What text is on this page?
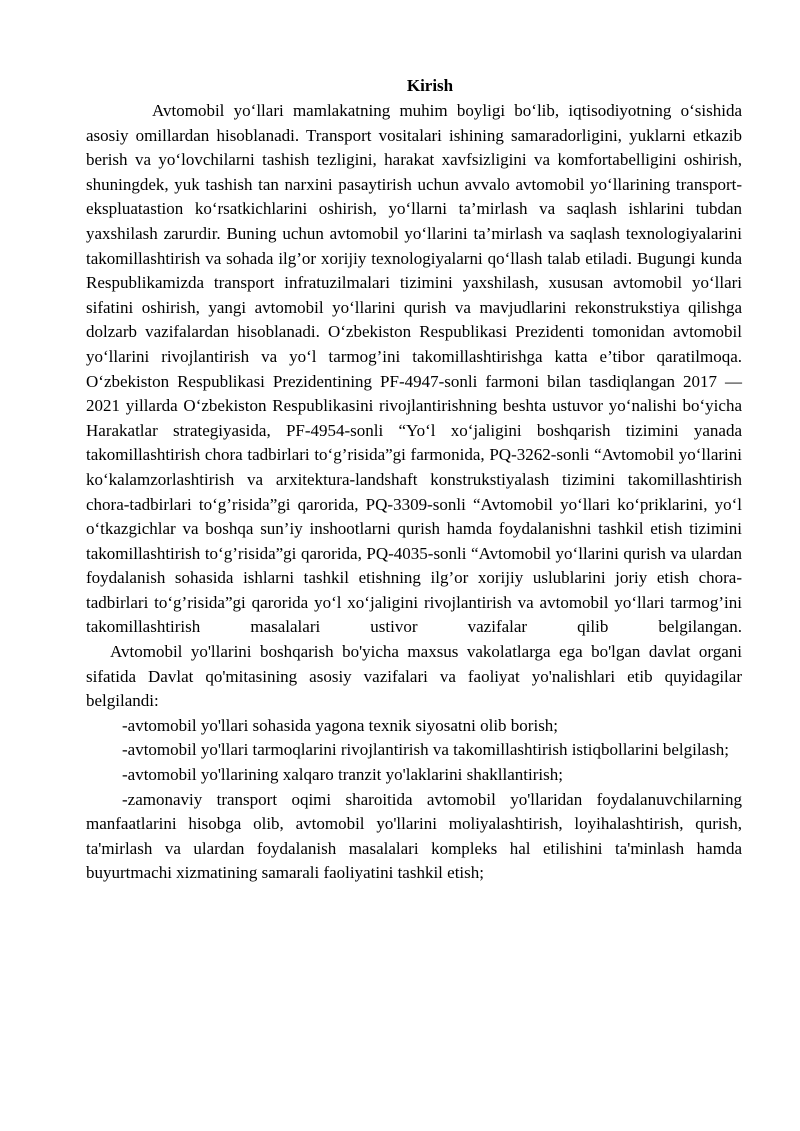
Kirish

Avtomobil yo‘llari mamlakatning muhim boyligi bo‘lib, iqtisodiyotning o‘sishida asosiy omillardan hisoblanadi. Transport vositalari ishining samaradorligini, yuklarni etkazib berish va yo‘lovchilarni tashish tezligini, harakat xavfsizligini va komfortabelligini oshirish, shuningdek, yuk tashish tan narxini pasaytirish uchun avvalo avtomobil yo‘llarining transport-ekspluatastion ko‘rsatkichlarini oshirish, yo‘llarni ta’mirlash va saqlash ishlarini tubdan yaxshilash zarurdir. Buning uchun avtomobil yo‘llarini ta’mirlash va saqlash texnologiyalarini takomillashtirish va sohada ilg’or xorijiy texnologiyalarni qo‘llash talab etiladi. Bugungi kunda Respublikamizda transport infratuzilmalari tizimini yaxshilash, xususan avtomobil yo‘llari sifatini oshirish, yangi avtomobil yo‘llarini qurish va mavjudlarini rekonstrukstiya qilishga dolzarb vazifalardan hisoblanadi. O‘zbekiston Respublikasi Prezidenti tomonidan avtomobil yo‘llarini rivojlantirish va yo‘l tarmog’ini takomillashtirishga katta e’tibor qaratilmoqa. O‘zbekiston Respublikasi Prezidentining PF-4947-sonli farmoni bilan tasdiqlangan 2017 — 2021 yillarda O‘zbekiston Respublikasini rivojlantirishning beshta ustuvor yo‘nalishi bo‘yicha Harakatlar strategiyasida, PF-4954-sonli “Yo‘l xo‘jaligini boshqarish tizimini yanada takomillashtirish chora tadbirlari to‘g’risida”gi farmonida, PQ-3262-sonli “Avtomobil yo‘llarini ko‘kalamzorlashtirish va arxitektura-landshaft konstrukstiyalash tizimini takomillashtirish chora-tadbirlari to‘g’risida”gi qarorida, PQ-3309-sonli “Avtomobil yo‘llari ko‘priklarini, yo‘l o‘tkazgichlar va boshqa sun’iy inshootlarni qurish hamda foydalanishni tashkil etish tizimini takomillashtirish to‘g’risida”gi qarorida, PQ-4035-sonli “Avtomobil yo‘llarini qurish va ulardan foydalanish sohasida ishlarni tashkil etishning ilg’or xorijiy uslublarini joriy etish chora-tadbirlari to‘g’risida”gi qarorida yo‘l xo‘jaligini rivojlantirish va avtomobil yo‘llari tarmog’ini takomillashtirish masalalari ustivor vazifalar qilib belgilangan.

Avtomobil yo'llarini boshqarish bo'yicha maxsus vakolatlarga ega bo'lgan davlat organi sifatida Davlat qo'mitasining asosiy vazifalari va faoliyat yo'nalishlari etib quyidagilar belgilandi:

-avtomobil yo'llari sohasida yagona texnik siyosatni olib borish;

-avtomobil yo'llari tarmoqlarini rivojlantirish va takomillashtirish istiqbollarini belgilash;

-avtomobil yo'llarining xalqaro tranzit yo'laklarini shakllantirish;

-zamonaviy transport oqimi sharoitida avtomobil yo'llaridan foydalanuvchilarning manfaatlarini hisobga olib, avtomobil yo'llarini moliyalashtirish, loyihalashtirish, qurish, ta'mirlash va ulardan foydalanish masalalari kompleks hal etilishini ta'minlash hamda buyurtmachi xizmatining samarali faoliyatini tashkil etish;
